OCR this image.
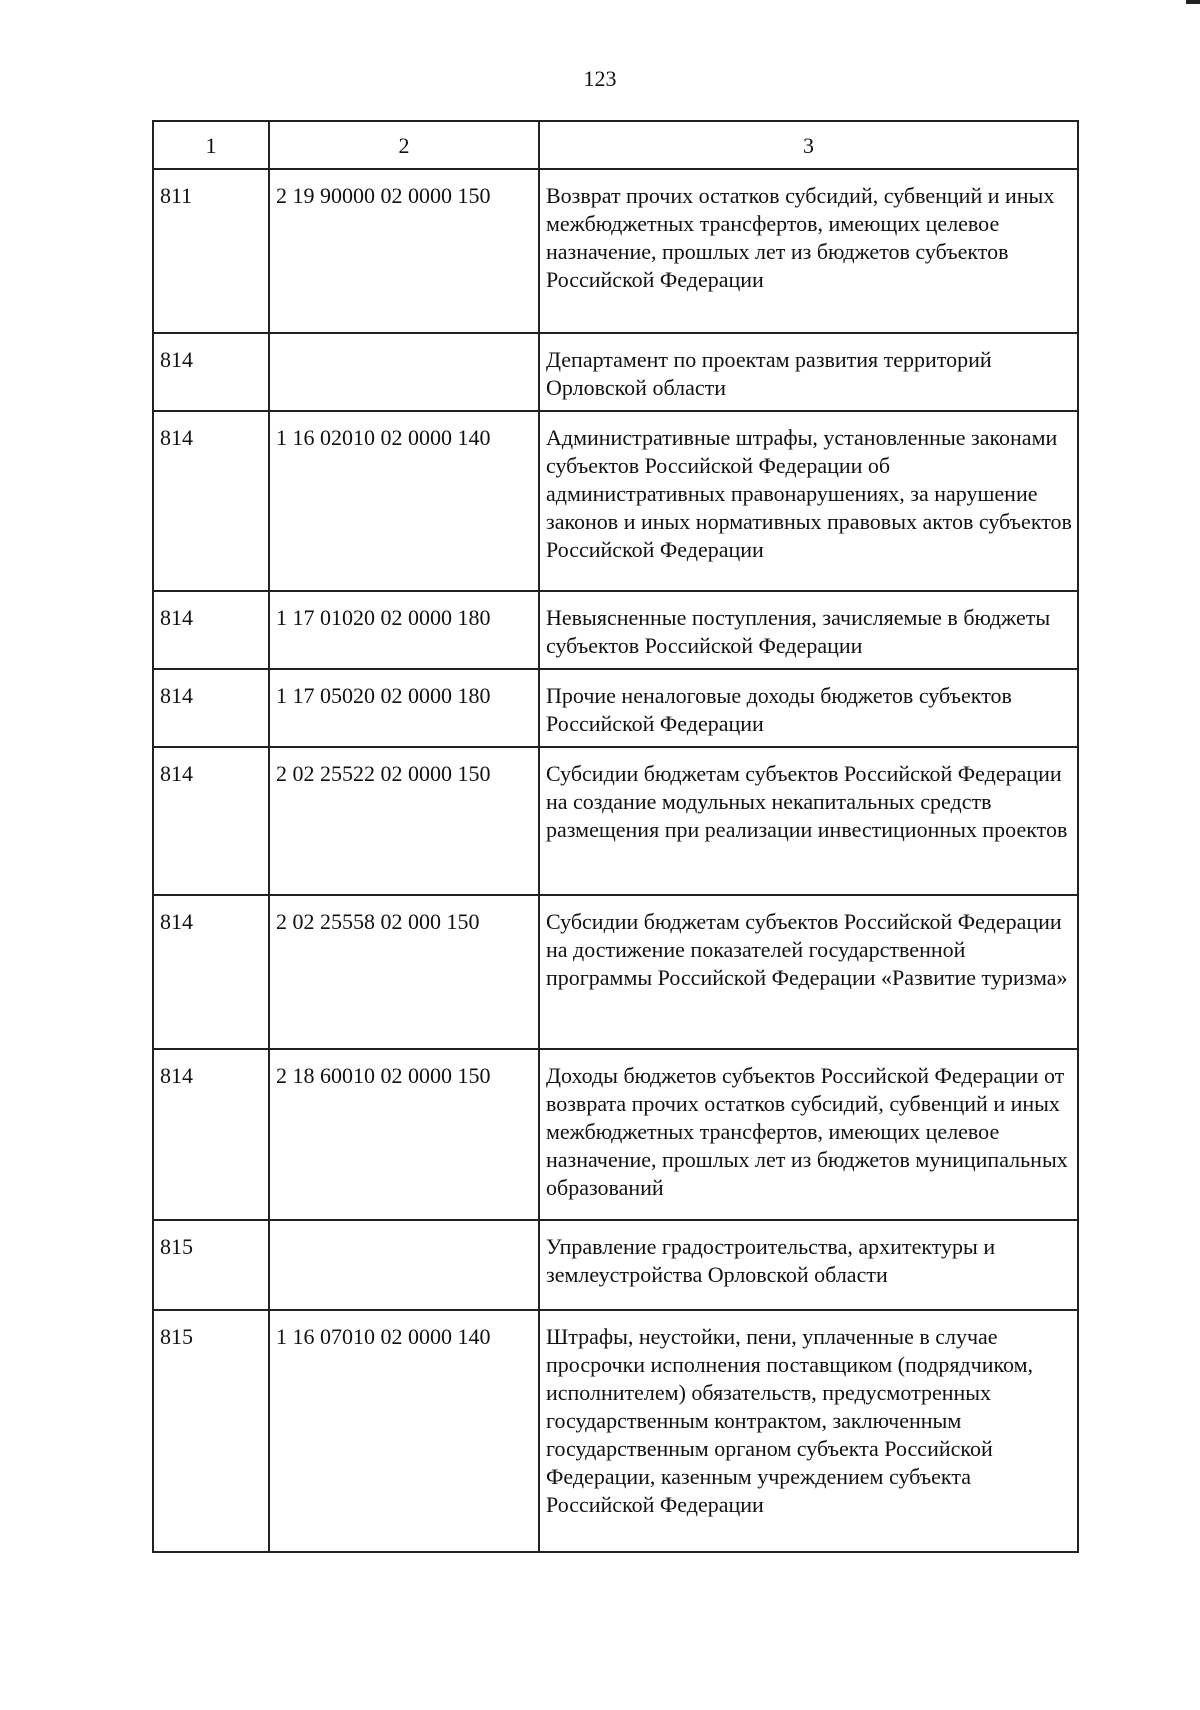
123
1	2	3
811	2 19 90000 02 0000 150	Возврат прочих остатков субсидий, субвенций и иных межбюджетных трансфертов, имеющих целевое назначение, прошлых лет из бюджетов субъектов Российской Федерации
814		Департамент по проектам развития территорий Орловской области
814	1 16 02010 02 0000 140	Административные штрафы, установленные законами субъектов Российской Федерации об административных правонарушениях, за нарушение законов и иных нормативных правовых актов субъектов Российской Федерации
814	1 17 01020 02 0000 180	Невыясненные поступления, зачисляемые в бюджеты субъектов Российской Федерации
814	1 17 05020 02 0000 180	Прочие неналоговые доходы бюджетов субъектов Российской Федерации
814	2 02 25522 02 0000 150	Субсидии бюджетам субъектов Российской Федерации на создание модульных некапитальных средств размещения при реализации инвестиционных проектов
814	2 02 25558 02 000 150	Субсидии бюджетам субъектов Российской Федерации на достижение показателей государственной программы Российской Федерации «Развитие туризма»
814	2 18 60010 02 0000 150	Доходы бюджетов субъектов Российской Федерации от возврата прочих остатков субсидий, субвенций и иных межбюджетных трансфертов, имеющих целевое назначение, прошлых лет из бюджетов муниципальных образований
815		Управление градостроительства, архитектуры и землеустройства Орловской области
815	1 16 07010 02 0000 140	Штрафы, неустойки, пени, уплаченные в случае просрочки исполнения поставщиком (подрядчиком, исполнителем) обязательств, предусмотренных государственным контрактом, заключенным государственным органом субъекта Российской Федерации, казенным учреждением субъекта Российской Федерации
